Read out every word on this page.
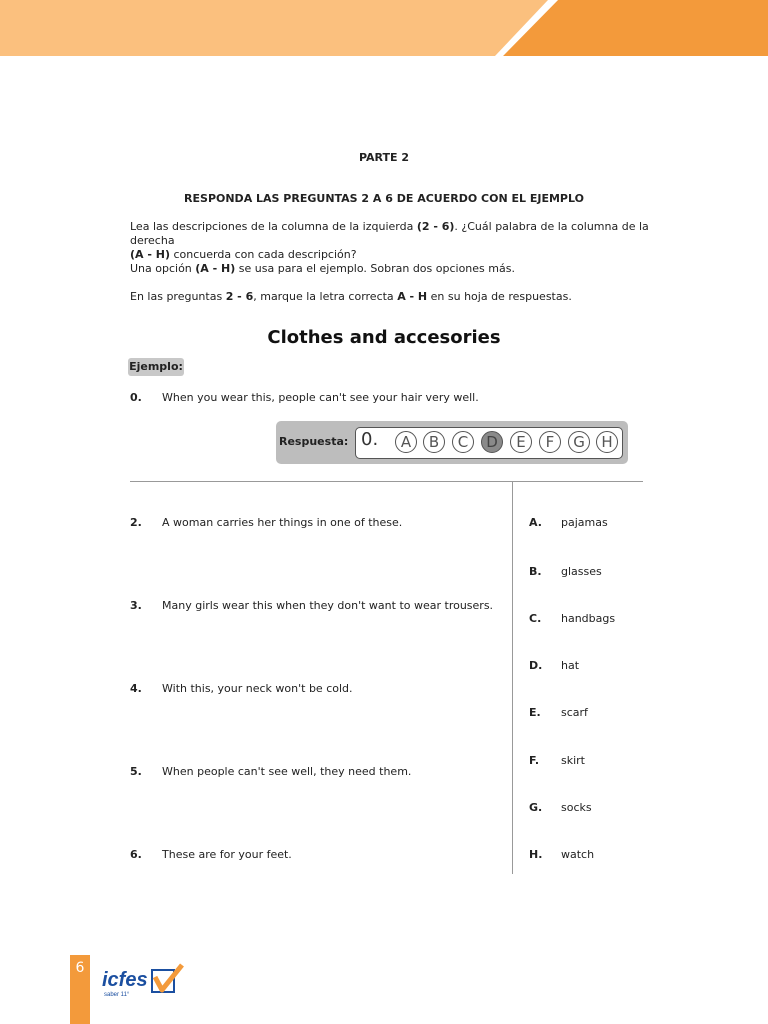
PARTE 2
RESPONDA LAS PREGUNTAS 2 A 6 DE ACUERDO CON EL EJEMPLO
Lea las descripciones de la columna de la izquierda (2 - 6). ¿Cuál palabra de la columna de la derecha
(A - H) concuerda con cada descripción?
Una opción (A - H) se usa para el ejemplo. Sobran dos opciones más.
En las preguntas 2 - 6, marque la letra correcta A - H en su hoja de respuestas.
Clothes and accesories
Ejemplo:
0.	When you wear this, people can't see your hair very well.
Respuesta: 0.	A	B	C	D	E	F	G	H
2.	A woman carries her things in one of these.
3.	Many girls wear this when they don't want to wear trousers.
4.	With this, your neck won't be cold.
5.	When people can't see well, they need them.
6.	These are for your feet.
A.	pajamas
B.	glasses
C.	handbags
D.	hat
E.	scarf
F.	skirt
G.	socks
H.	watch
6
icfes
saber 11°
